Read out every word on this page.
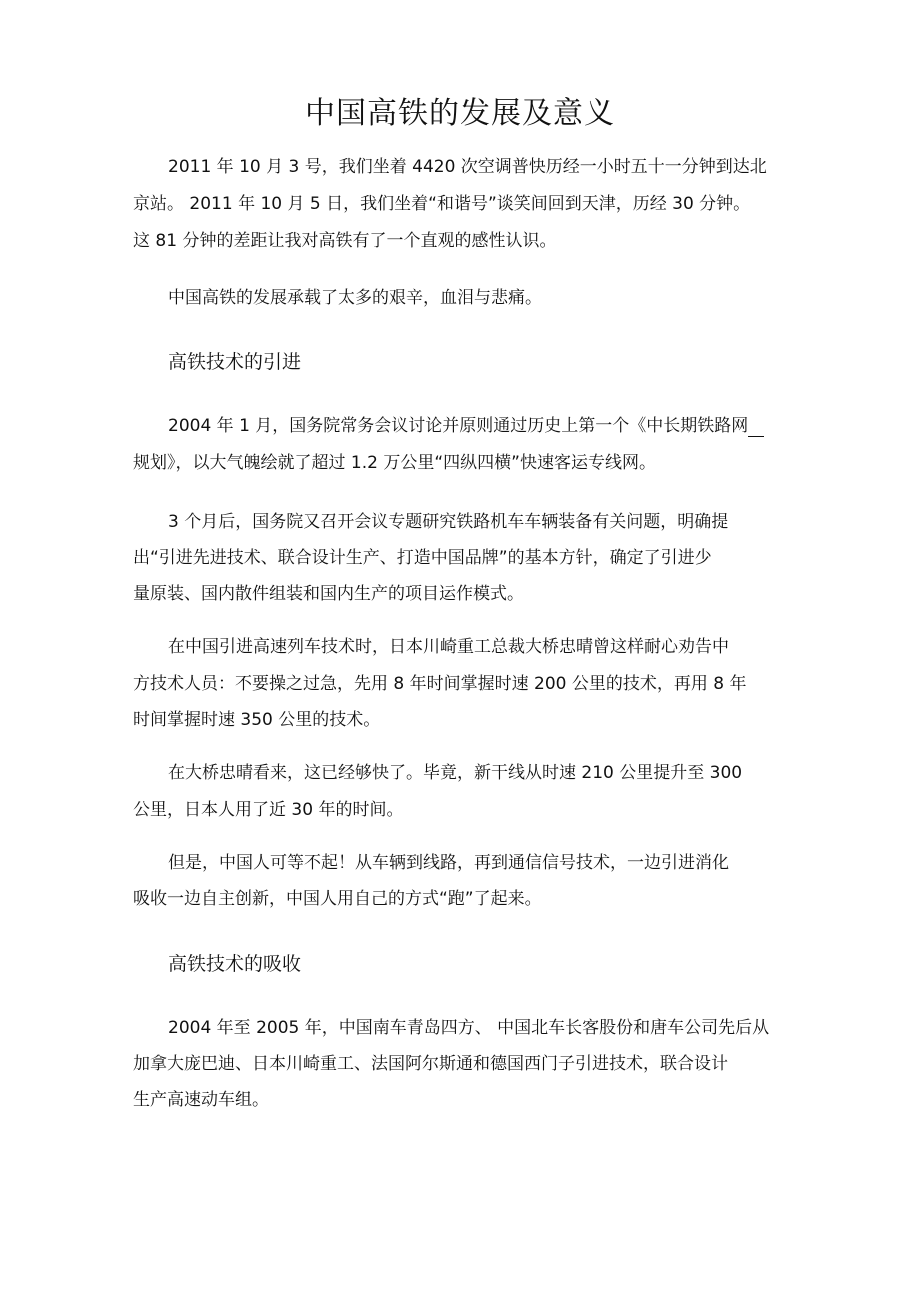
中国高铁的发展及意义
2011 年 10 月 3 号，我们坐着 4420 次空调普快历经一小时五十一分钟到达北
京站。 2011 年 10 月 5 日，我们坐着“和谐号”谈笑间回到天津，历经 30 分钟。
这 81 分钟的差距让我对高铁有了一个直观的感性认识。
中国高铁的发展承载了太多的艰辛，血泪与悲痛。
高铁技术的引进
2004 年 1 月，国务院常务会议讨论并原则通过历史上第一个《中长期铁路网
规划》，以大气魄绘就了超过 1.2 万公里“四纵四横”快速客运专线网。
3 个月后，国务院又召开会议专题研究铁路机车车辆装备有关问题，明确提
出“引进先进技术、联合设计生产、打造中国品牌”的基本方针，确定了引进少
量原装、国内散件组装和国内生产的项目运作模式。
在中国引进高速列车技术时，日本川崎重工总裁大桥忠晴曾这样耐心劝告中
方技术人员：不要操之过急，先用 8 年时间掌握时速 200 公里的技术，再用 8 年
时间掌握时速 350 公里的技术。
在大桥忠晴看来，这已经够快了。毕竟，新干线从时速 210 公里提升至 300
公里，日本人用了近 30 年的时间。
但是，中国人可等不起！从车辆到线路，再到通信信号技术，一边引进消化
吸收一边自主创新，中国人用自己的方式“跑”了起来。
高铁技术的吸收
2004 年至 2005 年，中国南车青岛四方、 中国北车长客股份和唐车公司先后从
加拿大庞巴迪、日本川崎重工、法国阿尔斯通和德国西门子引进技术，联合设计
生产高速动车组。
